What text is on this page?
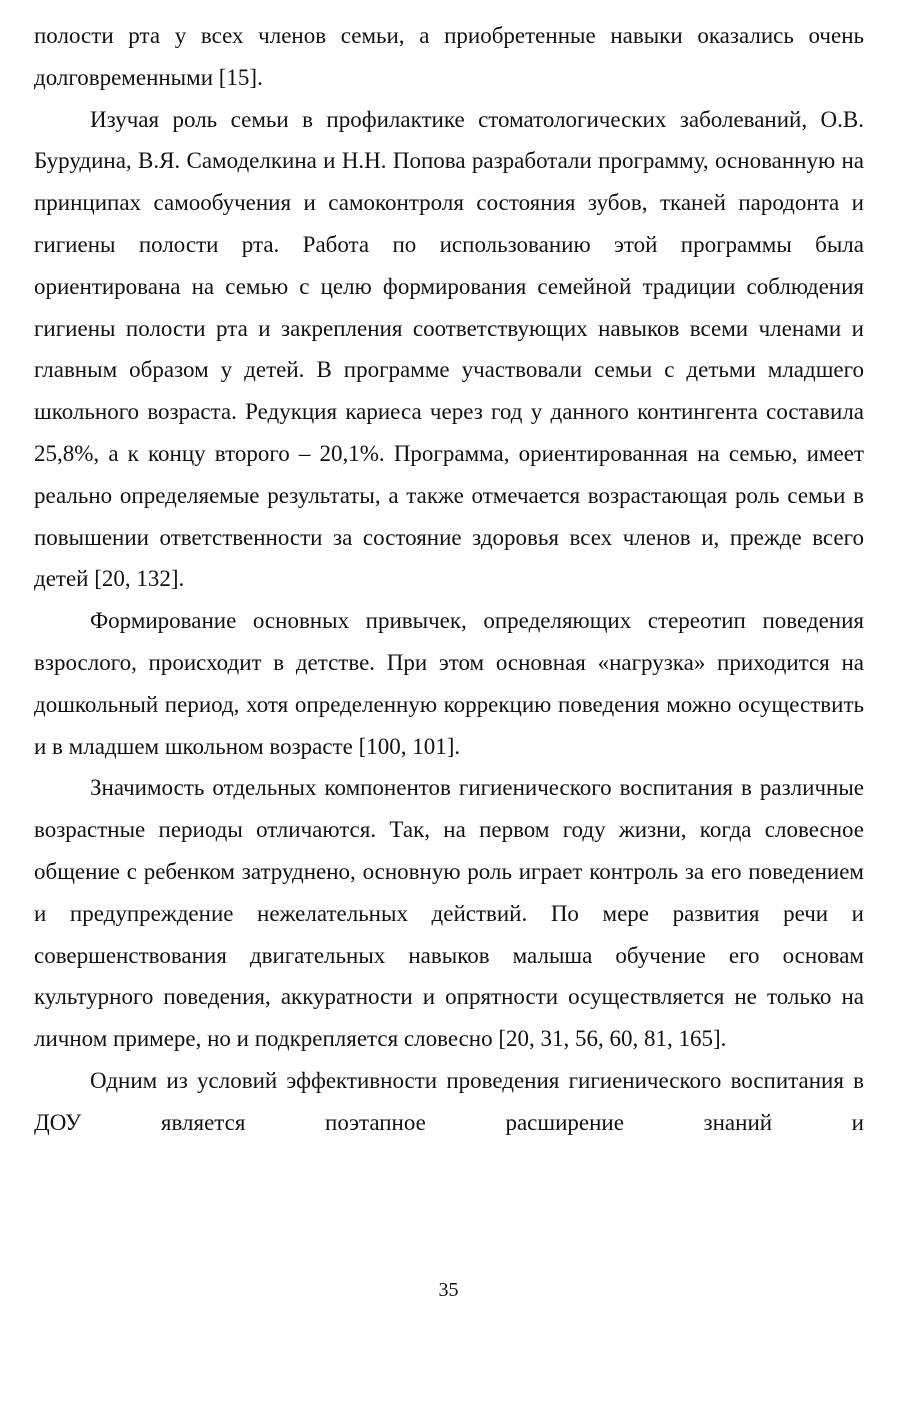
полости рта у всех членов семьи, а приобретенные навыки оказались очень долговременными [15].

Изучая роль семьи в профилактике стоматологических заболеваний, О.В. Бурудина, В.Я. Самоделкина и Н.Н. Попова разработали программу, основанную на принципах самообучения и самоконтроля состояния зубов, тканей пародонта и гигиены полости рта. Работа по использованию этой программы была ориентирована на семью с целю формирования семейной традиции соблюдения гигиены полости рта и закрепления соответствующих навыков всеми членами и главным образом у детей. В программе участвовали семьи с детьми младшего школьного возраста. Редукция кариеса через год у данного контингента составила 25,8%, а к концу второго – 20,1%. Программа, ориентированная на семью, имеет реально определяемые результаты, а также отмечается возрастающая роль семьи в повышении ответственности за состояние здоровья всех членов и, прежде всего детей [20, 132].

Формирование основных привычек, определяющих стереотип поведения взрослого, происходит в детстве. При этом основная «нагрузка» приходится на дошкольный период, хотя определенную коррекцию поведения можно осуществить и в младшем школьном возрасте [100, 101].

Значимость отдельных компонентов гигиенического воспитания в различные возрастные периоды отличаются. Так, на первом году жизни, когда словесное общение с ребенком затруднено, основную роль играет контроль за его поведением и предупреждение нежелательных действий. По мере развития речи и совершенствования двигательных навыков малыша обучение его основам культурного поведения, аккуратности и опрятности осуществляется не только на личном примере, но и подкрепляется словесно [20, 31, 56, 60, 81, 165].

Одним из условий эффективности проведения гигиенического воспитания в ДОУ является поэтапное расширение знаний и

35
